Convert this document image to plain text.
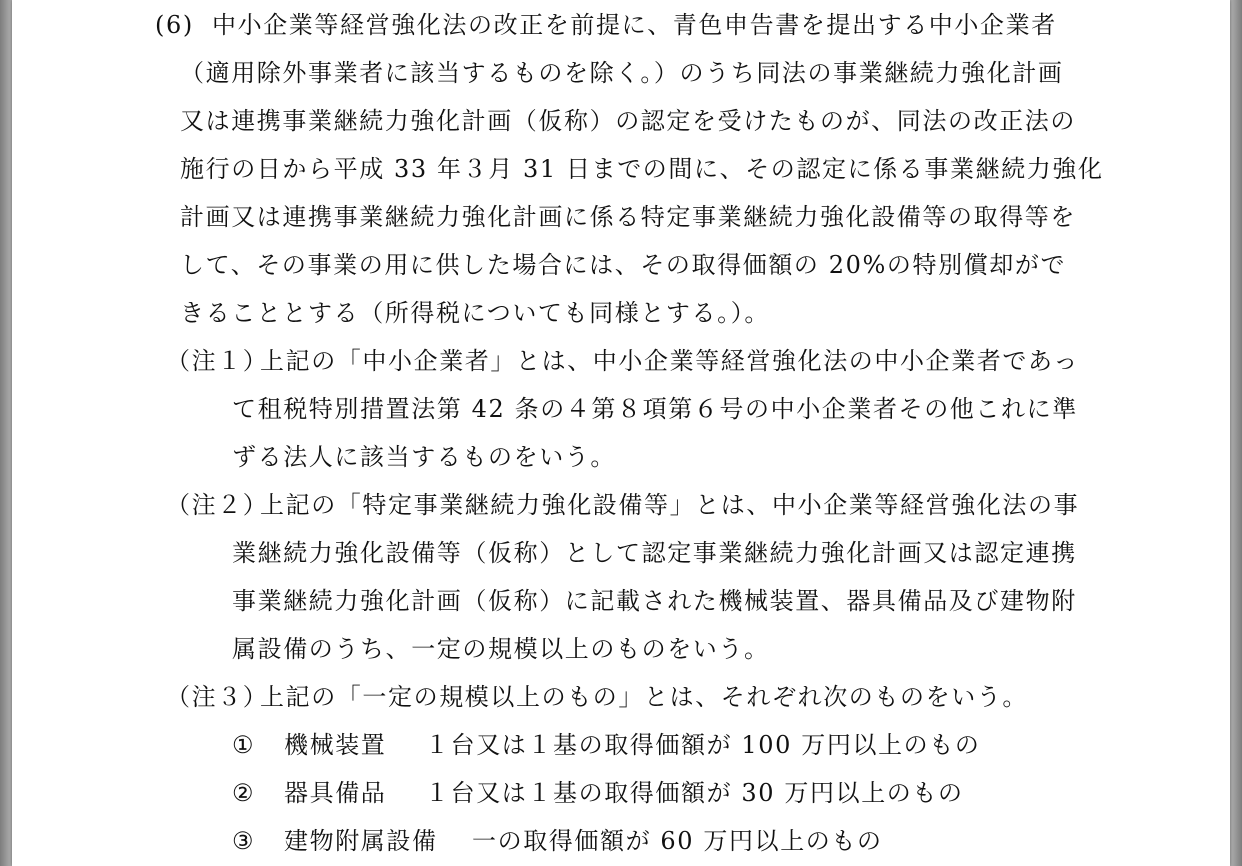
(6) 中小企業等経営強化法の改正を前提に、青色申告書を提出する中小企業者
（適用除外事業者に該当するものを除く。）のうち同法の事業継続力強化計画
又は連携事業継続力強化計画（仮称）の認定を受けたものが、同法の改正法の
施行の日から平成 33 年３月 31 日までの間に、その認定に係る事業継続力強化
計画又は連携事業継続力強化計画に係る特定事業継続力強化設備等の取得等を
して、その事業の用に供した場合には、その取得価額の 20%の特別償却がで
きることとする（所得税についても同様とする。）。
（注１）
上記の「中小企業者」とは、中小企業等経営強化法の中小企業者であっ
て租税特別措置法第 42 条の４第８項第６号の中小企業者その他これに準
ずる法人に該当するものをいう。
（注２）
上記の「特定事業継続力強化設備等」とは、中小企業等経営強化法の事
業継続力強化設備等（仮称）として認定事業継続力強化計画又は認定連携
事業継続力強化計画（仮称）に記載された機械装置、器具備品及び建物附
属設備のうち、一定の規模以上のものをいう。
（注３）
上記の「一定の規模以上のもの」とは、それぞれ次のものをいう。
① 機械装置 １台又は１基の取得価額が 100 万円以上のもの
② 器具備品 １台又は１基の取得価額が 30 万円以上のもの
③ 建物附属設備 一の取得価額が 60 万円以上のもの
